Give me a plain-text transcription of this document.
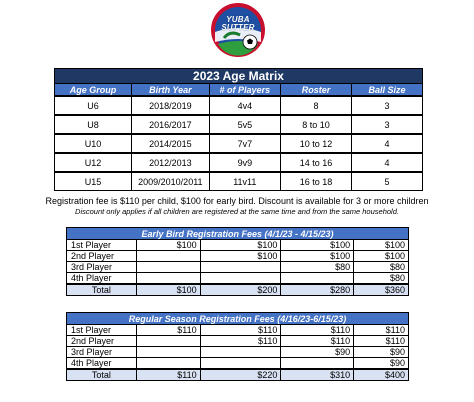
YUBA
SUTTER
2023 Age Matrix				
Age Group	Birth Year	# of Players	Roster	Ball Size
U6	2018/2019	4v4	8	3
U8	2016/2017	5v5	8 to 10	3
U10	2014/2015	7v7	10 to 12	4
U12	2012/2013	9v9	14 to 16	4
U15	2009/2010/2011	11v11	16 to 18	5
Registration fee is $110 per child, $100 for early bird. Discount is available for 3 or more children
Discount only applies if all children are registered at the same time and from the same household.
Early Bird Registration Fees (4/1/23 - 4/15/23)				
1st Player	$100	$100	$100	$100
2nd Player		$100	$100	$100
3rd Player			$80	$80
4th Player				$80
Total	$100	$200	$280	$360
Regular Season Registration Fees (4/16/23-6/15/23)				
1st Player	$110	$110	$110	$110
2nd Player		$110	$110	$110
3rd Player			$90	$90
4th Player				$90
Total	$110	$220	$310	$400
